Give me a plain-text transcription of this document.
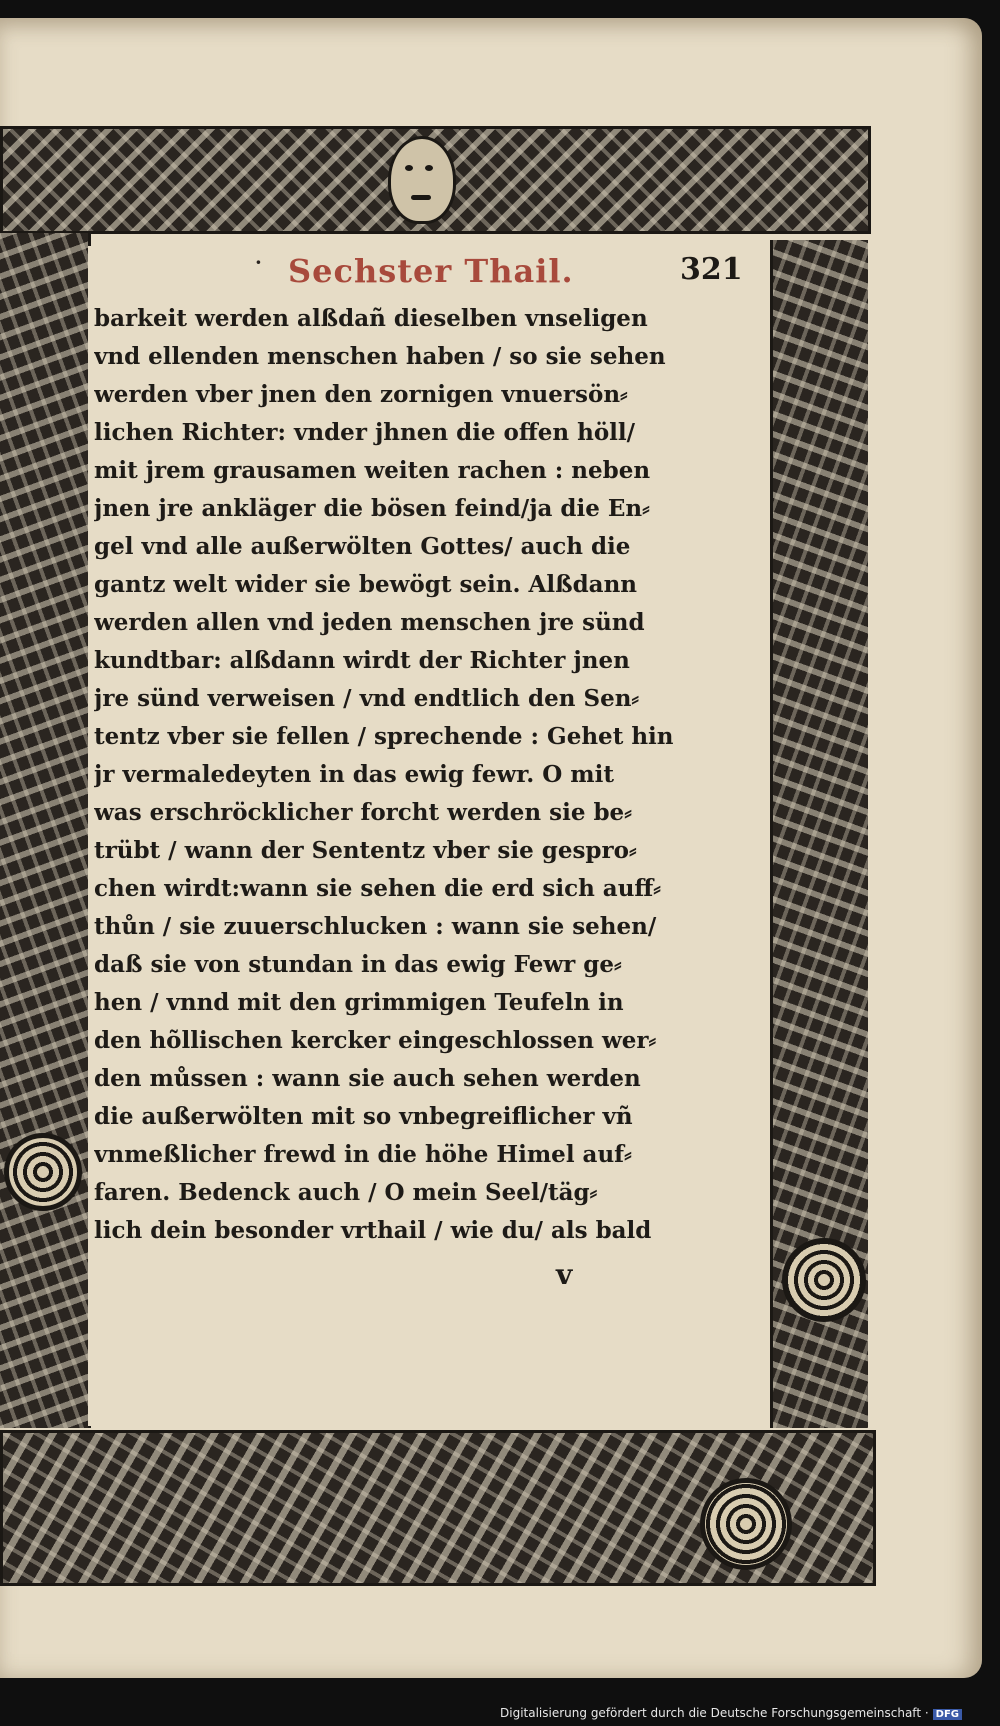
· Sechster Thail.	321
barkeit werden alßdañ dieselben vnseligen
vnd ellenden menschen haben / so sie sehen
werden vber jnen den zornigen vnuersön⸗
lichen Richter: vnder jhnen die offen höll/
mit jrem grausamen weiten rachen : neben
jnen jre ankläger die bösen feind/ja die En⸗
gel vnd alle außerwölten Gottes/ auch die
gantz welt wider sie bewögt sein. Alßdann
werden allen vnd jeden menschen jre sünd
kundtbar: alßdann wirdt der Richter jnen
jre sünd verweisen / vnd endtlich den Sen⸗
tentz vber sie fellen / sprechende : Gehet hin
jr vermaledeyten in das ewig fewr. O mit
was erschröcklicher forcht werden sie be⸗
trübt / wann der Sententz vber sie gespro⸗
chen wirdt:wann sie sehen die erd sich auff⸗
thůn / sie zuuerschlucken : wann sie sehen/
daß sie von stundan in das ewig Fewr ge⸗
hen / vnnd mit den grimmigen Teufeln in
den hõllischen kercker eingeschlossen wer⸗
den můssen : wann sie auch sehen werden
die außerwölten mit so vnbegreiflicher vñ
vnmeßlicher frewd in die höhe Himel auf⸗
faren. Bedenck auch / O mein Seel/täg⸗
lich dein besonder vrthail / wie du/ als bald
v
Digitalisierung gefördert durch die Deutsche Forschungsgemeinschaft · DFG
